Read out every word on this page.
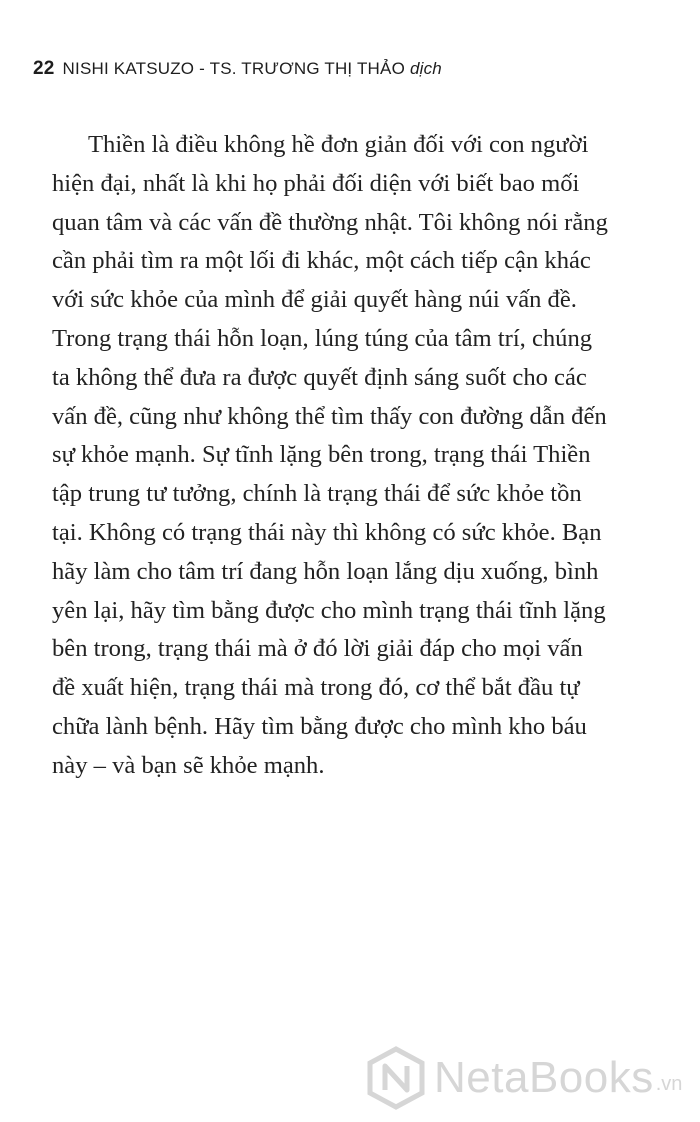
22 NISHI KATSUZO - TS. TRƯƠNG THỊ THẢO dịch
Thiền là điều không hề đơn giản đối với con người
hiện đại, nhất là khi họ phải đối diện với biết bao mối
quan tâm và các vấn đề thường nhật. Tôi không nói rằng
cần phải tìm ra một lối đi khác, một cách tiếp cận khác
với sức khỏe của mình để giải quyết hàng núi vấn đề.
Trong trạng thái hỗn loạn, lúng túng của tâm trí, chúng
ta không thể đưa ra được quyết định sáng suốt cho các
vấn đề, cũng như không thể tìm thấy con đường dẫn đến
sự khỏe mạnh. Sự tĩnh lặng bên trong, trạng thái Thiền
tập trung tư tưởng, chính là trạng thái để sức khỏe tồn
tại. Không có trạng thái này thì không có sức khỏe. Bạn
hãy làm cho tâm trí đang hỗn loạn lắng dịu xuống, bình
yên lại, hãy tìm bằng được cho mình trạng thái tĩnh lặng
bên trong, trạng thái mà ở đó lời giải đáp cho mọi vấn
đề xuất hiện, trạng thái mà trong đó, cơ thể bắt đầu tự
chữa lành bệnh. Hãy tìm bằng được cho mình kho báu
này – và bạn sẽ khỏe mạnh.
NetaBooks .vn
